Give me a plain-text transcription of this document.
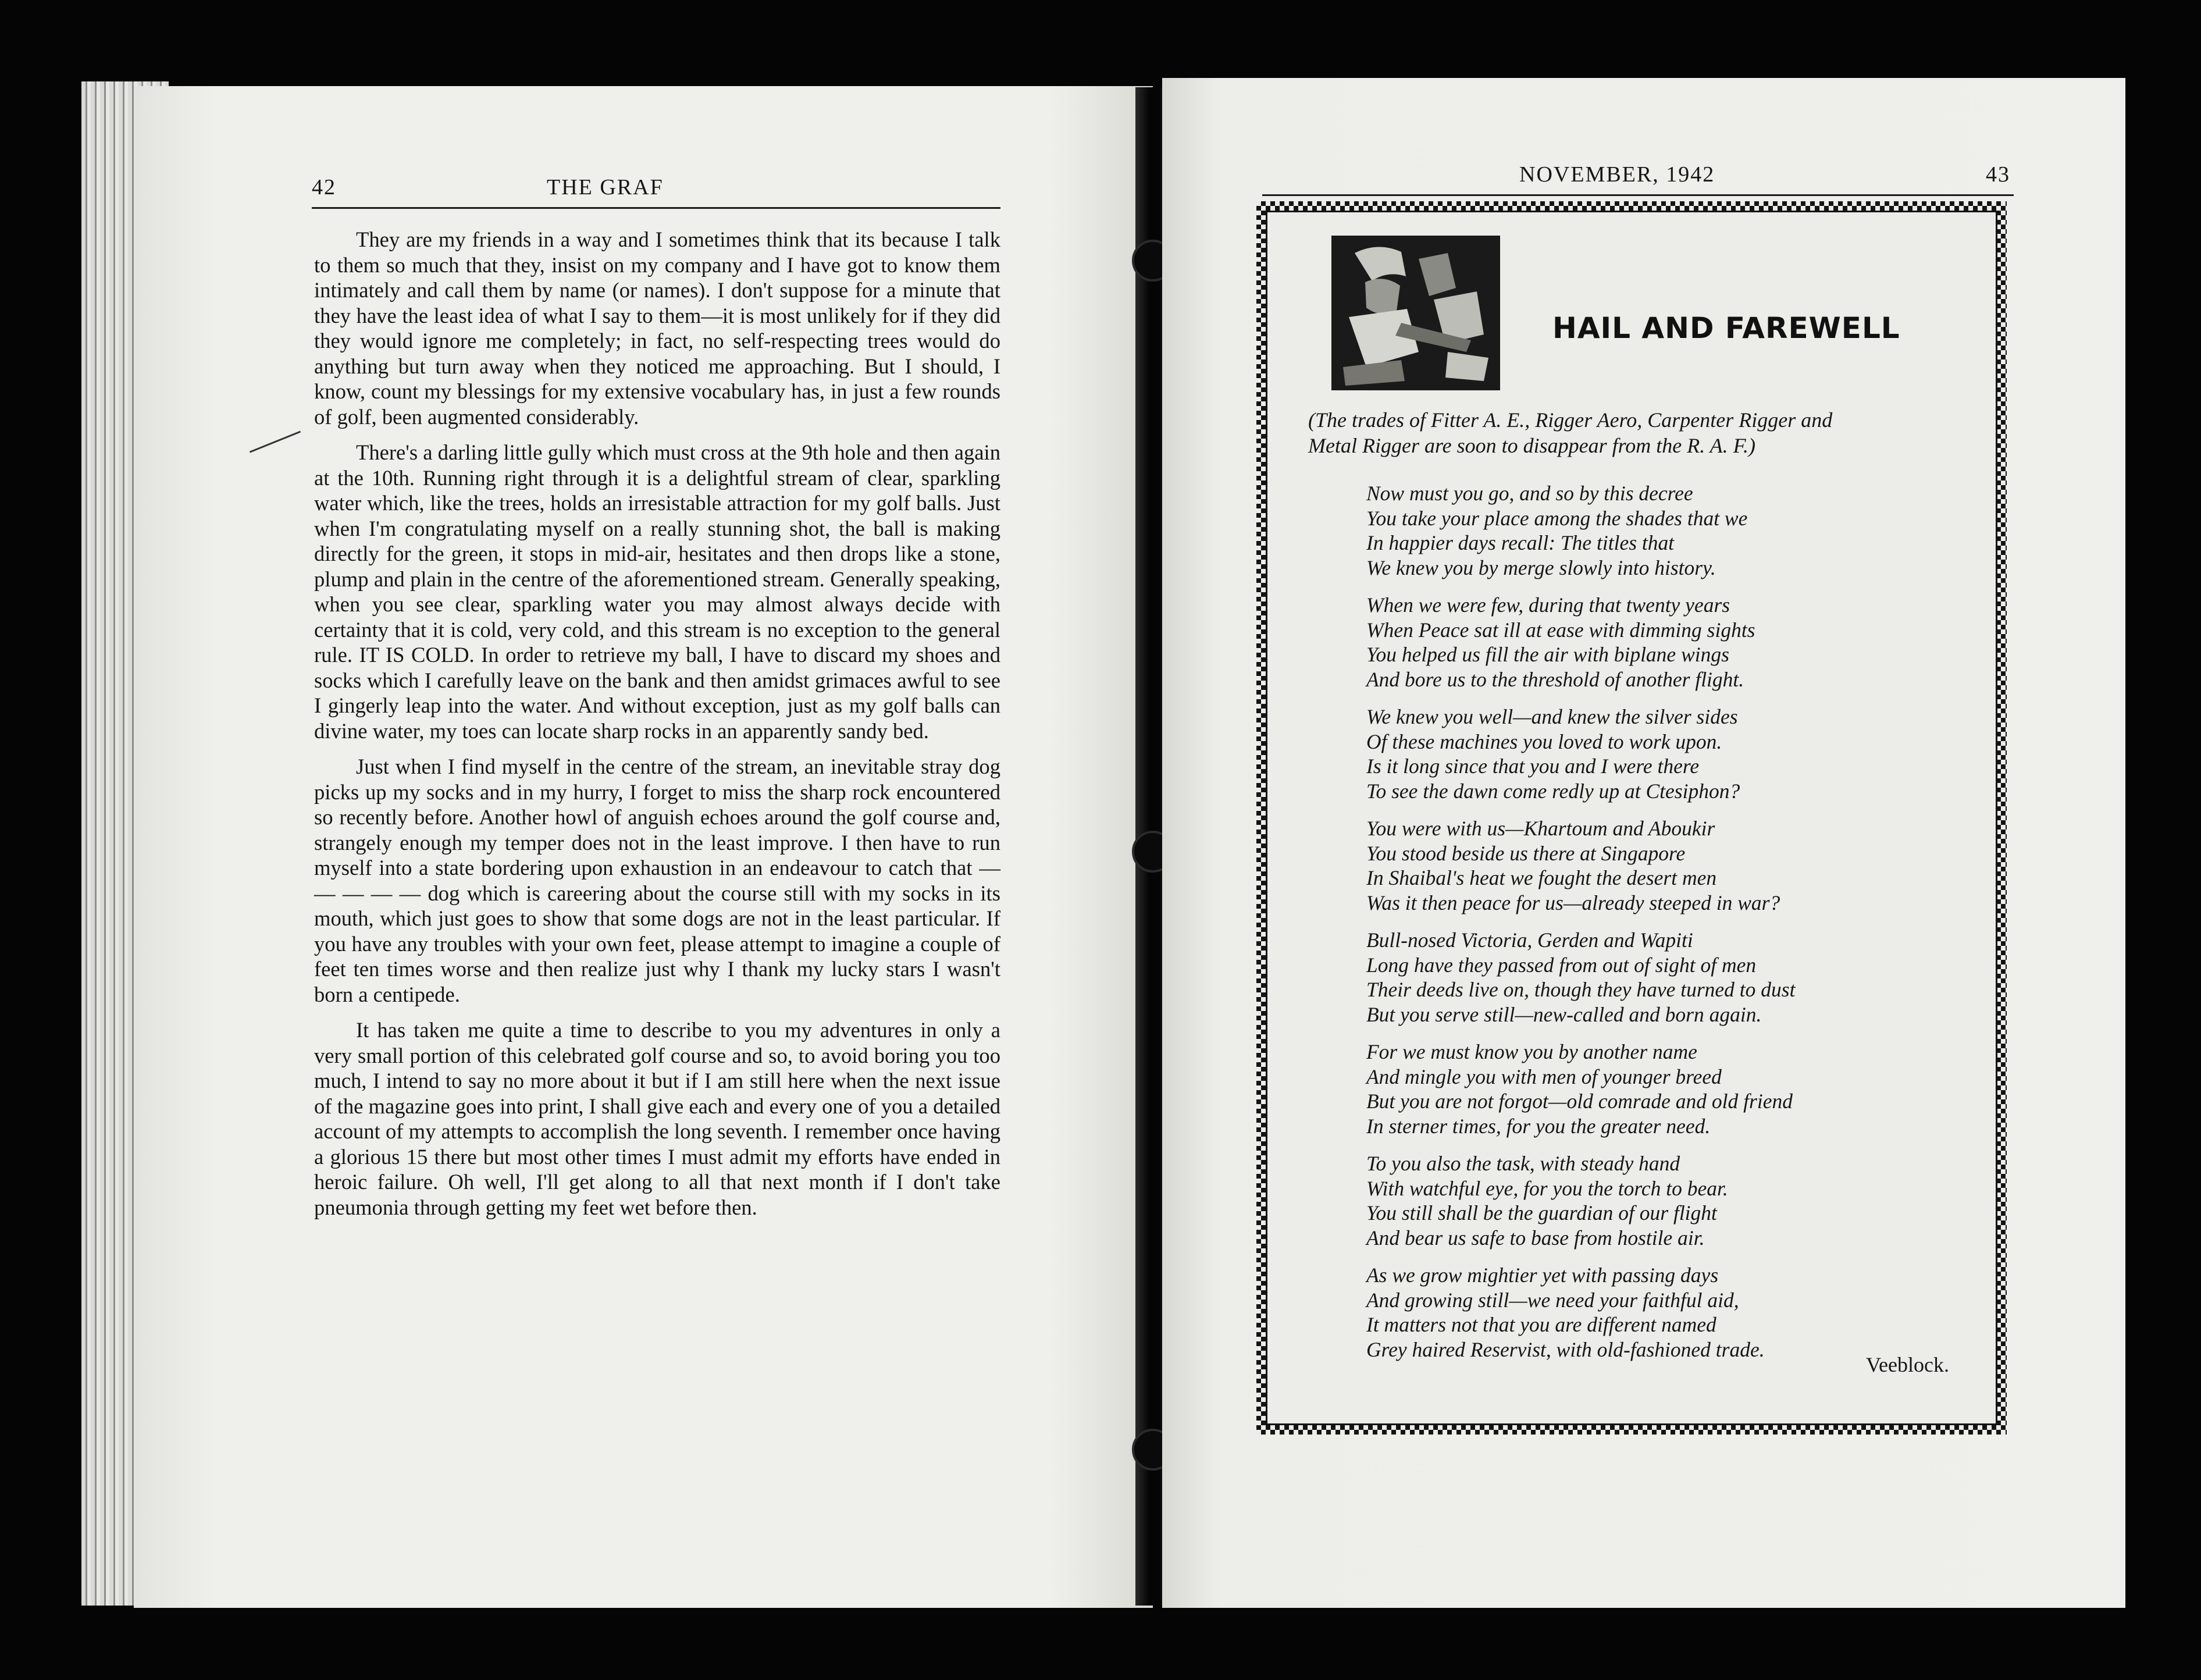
42	THE GRAF

They are my friends in a way and I sometimes think that its because I talk to them so much that they, insist on my company and I have got to know them intimately and call them by name (or names). I don't suppose for a minute that they have the least idea of what I say to them—it is most unlikely for if they did they would ignore me completely; in fact, no self-respecting trees would do anything but turn away when they noticed me approaching. But I should, I know, count my blessings for my extensive vocabulary has, in just a few rounds of golf, been augmented considerably.

There's a darling little gully which must cross at the 9th hole and then again at the 10th. Running right through it is a delightful stream of clear, sparkling water which, like the trees, holds an irresistable attraction for my golf balls. Just when I'm congratulating myself on a really stunning shot, the ball is making directly for the green, it stops in mid-air, hesitates and then drops like a stone, plump and plain in the centre of the aforementioned stream. Generally speaking, when you see clear, sparkling water you may almost always decide with certainty that it is cold, very cold, and this stream is no exception to the general rule. IT IS COLD. In order to retrieve my ball, I have to discard my shoes and socks which I carefully leave on the bank and then amidst grimaces awful to see I gingerly leap into the water. And without exception, just as my golf balls can divine water, my toes can locate sharp rocks in an apparently sandy bed.

Just when I find myself in the centre of the stream, an inevitable stray dog picks up my socks and in my hurry, I forget to miss the sharp rock encountered so recently before. Another howl of anguish echoes around the golf course and, strangely enough my temper does not in the least improve. I then have to run myself into a state bordering upon exhaustion in an endeavour to catch that — — — — — dog which is careering about the course still with my socks in its mouth, which just goes to show that some dogs are not in the least particular. If you have any troubles with your own feet, please attempt to imagine a couple of feet ten times worse and then realize just why I thank my lucky stars I wasn't born a centipede.

It has taken me quite a time to describe to you my adventures in only a very small portion of this celebrated golf course and so, to avoid boring you too much, I intend to say no more about it but if I am still here when the next issue of the magazine goes into print, I shall give each and every one of you a detailed account of my attempts to accomplish the long seventh. I remember once having a glorious 15 there but most other times I must admit my efforts have ended in heroic failure. Oh well, I'll get along to all that next month if I don't take pneumonia through getting my feet wet before then.

NOVEMBER, 1942	43
HAIL AND FAREWELL
(The trades of Fitter A. E., Rigger Aero, Carpenter Rigger and
Metal Rigger are soon to disappear from the R. A. F.)
Now must you go, and so by this decree
You take your place among the shades that we
In happier days recall: The titles that
We knew you by merge slowly into history.
When we were few, during that twenty years
When Peace sat ill at ease with dimming sights
You helped us fill the air with biplane wings
And bore us to the threshold of another flight.
We knew you well—and knew the silver sides
Of these machines you loved to work upon.
Is it long since that you and I were there
To see the dawn come redly up at Ctesiphon?
You were with us—Khartoum and Aboukir
You stood beside us there at Singapore
In Shaibal's heat we fought the desert men
Was it then peace for us—already steeped in war?
Bull-nosed Victoria, Gerden and Wapiti
Long have they passed from out of sight of men
Their deeds live on, though they have turned to dust
But you serve still—new-called and born again.
For we must know you by another name
And mingle you with men of younger breed
But you are not forgot—old comrade and old friend
In sterner times, for you the greater need.
To you also the task, with steady hand
With watchful eye, for you the torch to bear.
You still shall be the guardian of our flight
And bear us safe to base from hostile air.
As we grow mightier yet with passing days
And growing still—we need your faithful aid,
It matters not that you are different named
Grey haired Reservist, with old-fashioned trade.
Veeblock.
